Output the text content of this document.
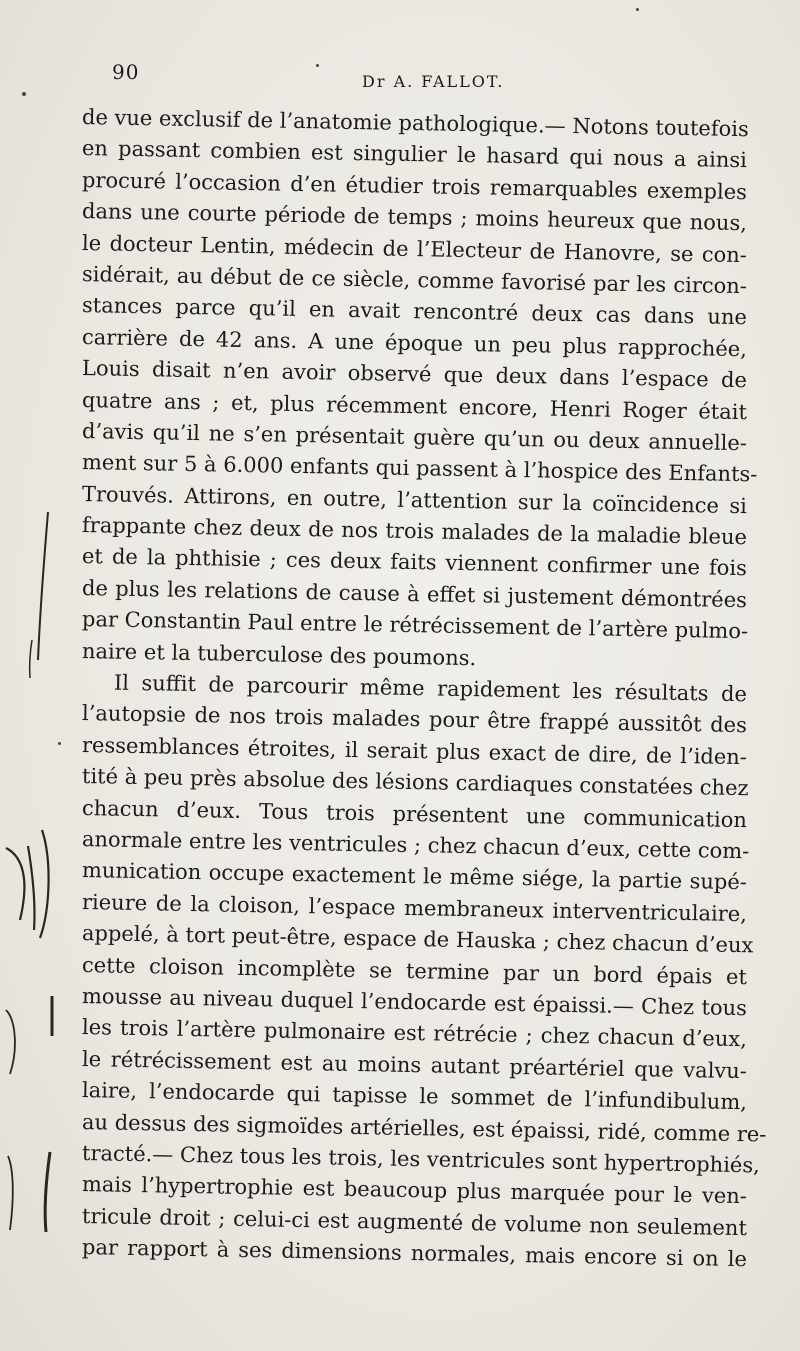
90	Dr A. FALLOT.
de vue exclusif de l’anatomie pathologique.— Notons toutefois
en passant combien est singulier le hasard qui nous a ainsi
procuré l’occasion d’en étudier trois remarquables exemples
dans une courte période de temps ; moins heureux que nous,
le docteur Lentin, médecin de l’Electeur de Hanovre, se con-
sidérait, au début de ce siècle, comme favorisé par les circon-
stances parce qu’il en avait rencontré deux cas dans une
carrière de 42 ans. A une époque un peu plus rapprochée,
Louis disait n’en avoir observé que deux dans l’espace de
quatre ans ; et, plus récemment encore, Henri Roger était
d’avis qu’il ne s’en présentait guère qu’un ou deux annuelle-
ment sur 5 à 6.000 enfants qui passent à l’hospice des Enfants-
Trouvés. Attirons, en outre, l’attention sur la coïncidence si
frappante chez deux de nos trois malades de la maladie bleue
et de la phthisie ; ces deux faits viennent confirmer une fois
de plus les relations de cause à effet si justement démontrées
par Constantin Paul entre le rétrécissement de l’artère pulmo-
naire et la tuberculose des poumons.
Il suffit de parcourir même rapidement les résultats de
l’autopsie de nos trois malades pour être frappé aussitôt des
ressemblances étroites, il serait plus exact de dire, de l’iden-
tité à peu près absolue des lésions cardiaques constatées chez
chacun d’eux. Tous trois présentent une communication
anormale entre les ventricules ; chez chacun d’eux, cette com-
munication occupe exactement le même siége, la partie supé-
rieure de la cloison, l’espace membraneux interventriculaire,
appelé, à tort peut-être, espace de Hauska ; chez chacun d’eux
cette cloison incomplète se termine par un bord épais et
mousse au niveau duquel l’endocarde est épaissi.— Chez tous
les trois l’artère pulmonaire est rétrécie ; chez chacun d’eux,
le rétrécissement est au moins autant préartériel que valvu-
laire, l’endocarde qui tapisse le sommet de l’infundibulum,
au dessus des sigmoïdes artérielles, est épaissi, ridé, comme re-
tracté.— Chez tous les trois, les ventricules sont hypertrophiés,
mais l’hypertrophie est beaucoup plus marquée pour le ven-
tricule droit ; celui-ci est augmenté de volume non seulement
par rapport à ses dimensions normales, mais encore si on le
